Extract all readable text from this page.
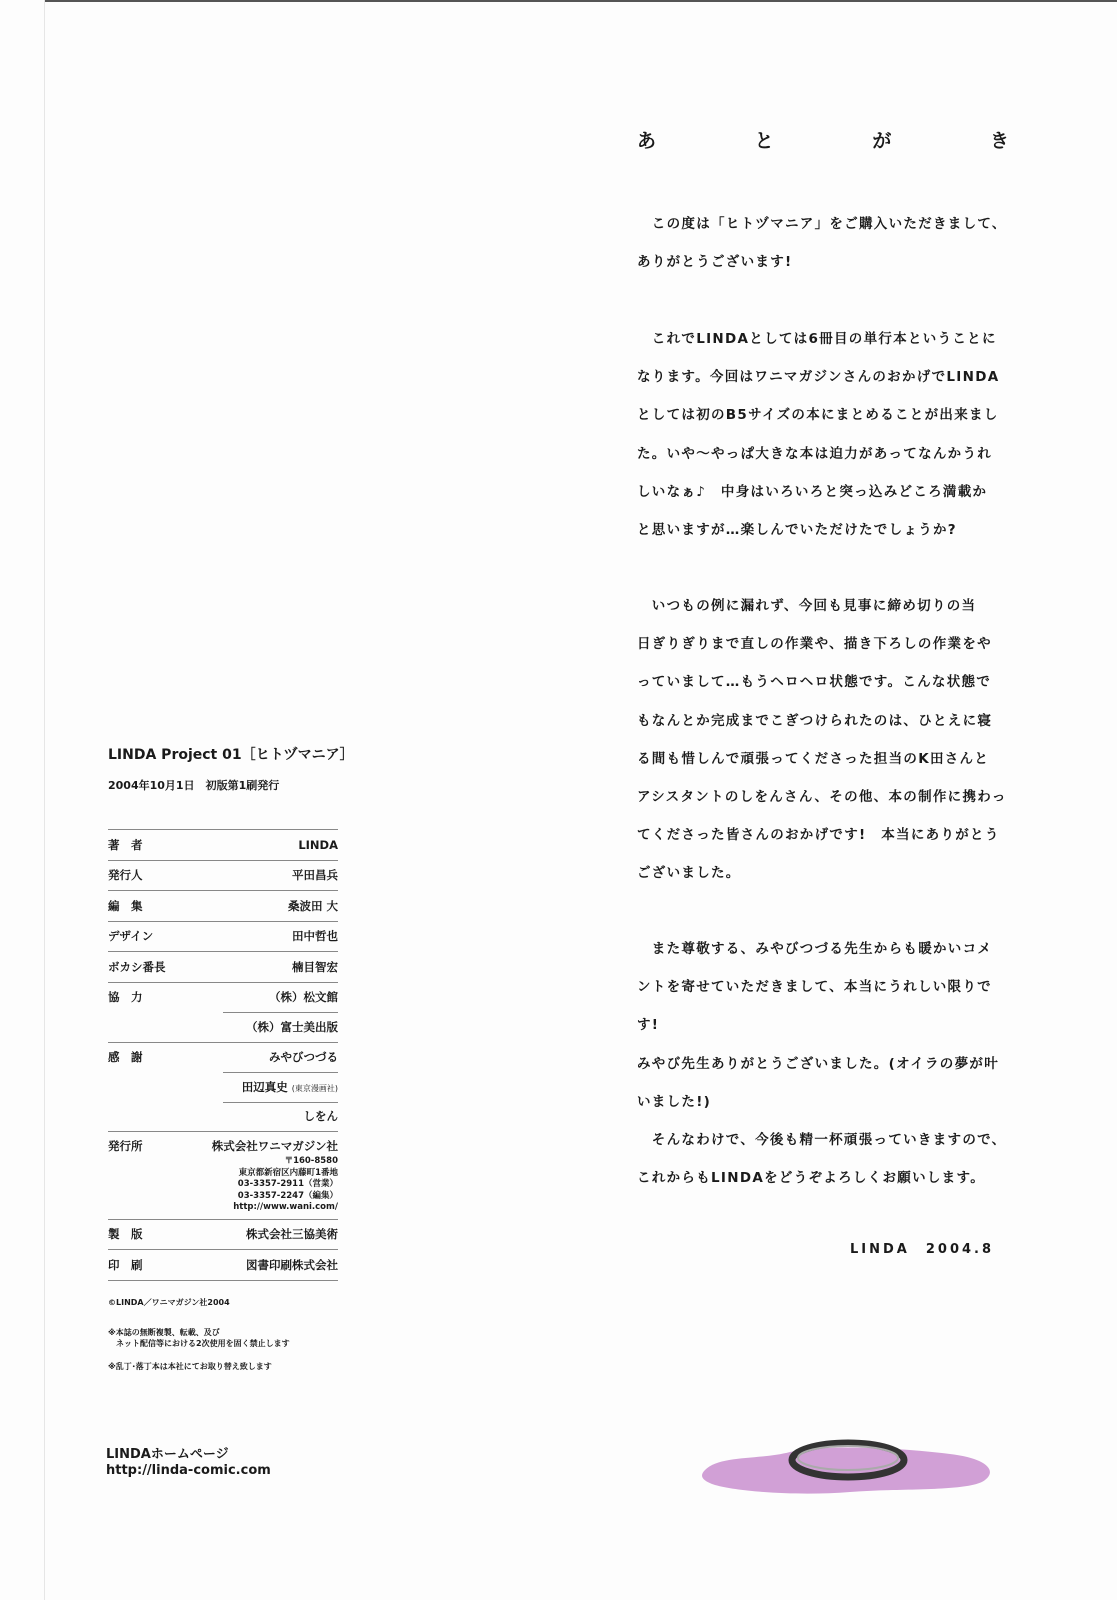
あ	と	が	き

　この度は「ヒトヅマニア」をご購入いただきまして、

ありがとうございます!

　これでLINDAとしては6冊目の単行本ということに

なります。今回はワニマガジンさんのおかげでLINDA

としては初のB5サイズの本にまとめることが出来まし

た。いや～やっぱ大きな本は迫力があってなんかうれ

しいなぁ♪　中身はいろいろと突っ込みどころ満載か

と思いますが…楽しんでいただけたでしょうか?

　いつもの例に漏れず、今回も見事に締め切りの当

日ぎりぎりまで直しの作業や、描き下ろしの作業をや

っていまして…もうヘロヘロ状態です。こんな状態で

もなんとか完成までこぎつけられたのは、ひとえに寝

る間も惜しんで頑張ってくださった担当のK田さんと

アシスタントのしをんさん、その他、本の制作に携わっ

てくださった皆さんのおかげです!　本当にありがとう

ございました。

　また尊敬する、みやびつづる先生からも暖かいコメ

ントを寄せていただきまして、本当にうれしい限りです!

みやび先生ありがとうございました。(オイラの夢が叶

いました!)

　そんなわけで、今後も精一杯頑張っていきますので、

これからもLINDAをどうぞよろしくお願いします。

LINDA　2004.8
LINDA Project 01［ヒトヅマニア］
2004年10月1日　初版第1刷発行
著　者	LINDA
発行人	平田昌兵
編　集	桑波田 大
デザイン	田中哲也
ボカシ番長	楠目智宏
協　力	（株）松文館
（株）富士美出版
感　謝	みやびつづる
田辺真史 (東京漫画社)
しをん
発行所	株式会社ワニマガジン社
〒160-8580
東京都新宿区内藤町1番地
03-3357-2911（営業）
03-3357-2247（編集）
http://www.wani.com/
製　版	株式会社三協美術
印　刷	図書印刷株式会社
©LINDA／ワニマガジン社2004
※本誌の無断複製、転載、及び
　ネット配信等における2次使用を固く禁止します
※乱丁･落丁本は本社にてお取り替え致します
LINDAホームページ
http://linda-comic.com
